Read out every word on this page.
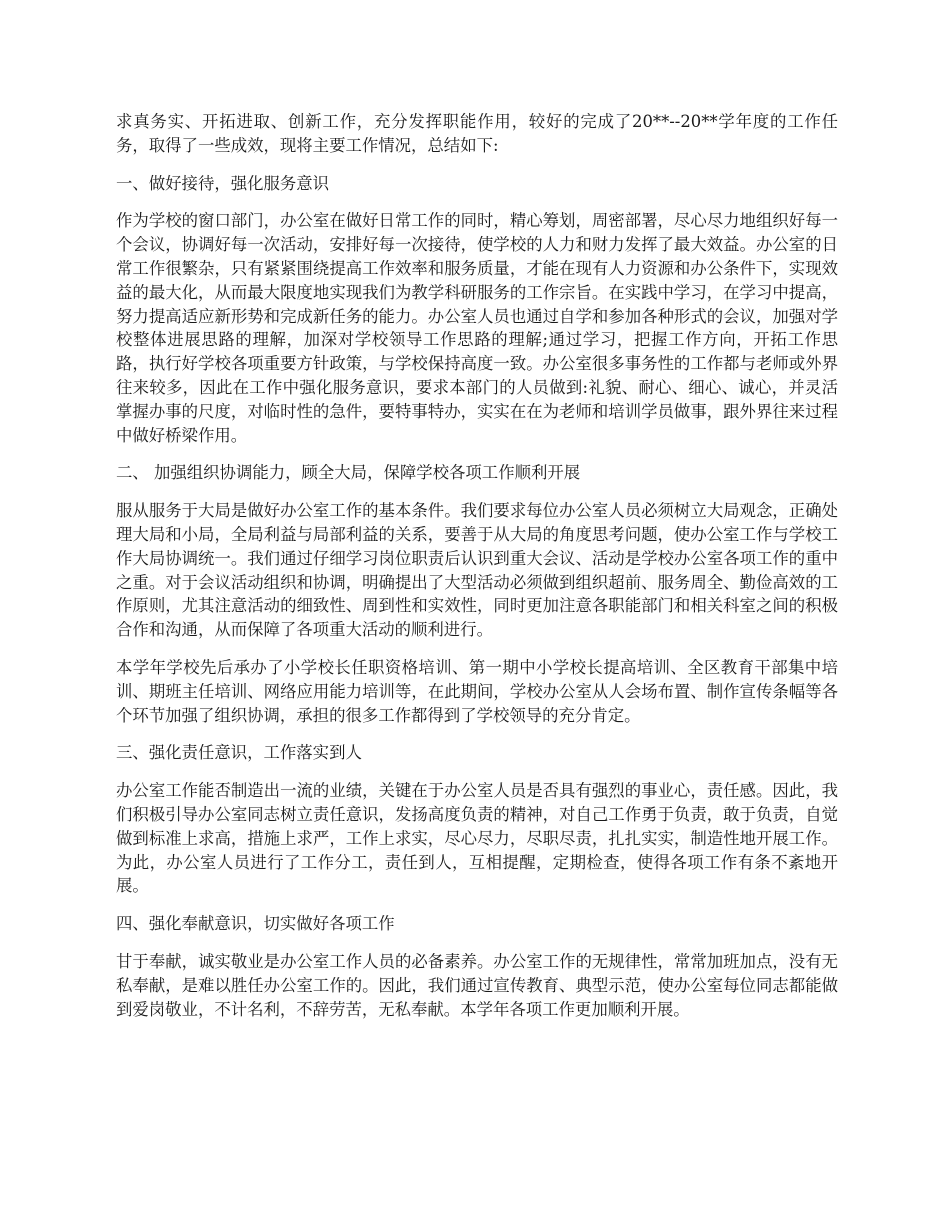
求真务实、开拓进取、创新工作，充分发挥职能作用，较好的完成了20**--20**学年度的工作任务，取得了一些成效，现将主要工作情况，总结如下:

一、做好接待，强化服务意识

作为学校的窗口部门，办公室在做好日常工作的同时，精心筹划，周密部署，尽心尽力地组织好每一个会议，协调好每一次活动，安排好每一次接待，使学校的人力和财力发挥了最大效益。办公室的日常工作很繁杂，只有紧紧围绕提高工作效率和服务质量，才能在现有人力资源和办公条件下，实现效益的最大化，从而最大限度地实现我们为教学科研服务的工作宗旨。在实践中学习，在学习中提高，努力提高适应新形势和完成新任务的能力。办公室人员也通过自学和参加各种形式的会议，加强对学校整体进展思路的理解，加深对学校领导工作思路的理解;通过学习，把握工作方向，开拓工作思路，执行好学校各项重要方针政策，与学校保持高度一致。办公室很多事务性的工作都与老师或外界往来较多，因此在工作中强化服务意识，要求本部门的人员做到:礼貌、耐心、细心、诚心，并灵活掌握办事的尺度，对临时性的急件，要特事特办，实实在在为老师和培训学员做事，跟外界往来过程中做好桥梁作用。

二、 加强组织协调能力，顾全大局，保障学校各项工作顺利开展

服从服务于大局是做好办公室工作的基本条件。我们要求每位办公室人员必须树立大局观念，正确处理大局和小局，全局利益与局部利益的关系，要善于从大局的角度思考问题，使办公室工作与学校工作大局协调统一。我们通过仔细学习岗位职责后认识到重大会议、活动是学校办公室各项工作的重中之重。对于会议活动组织和协调，明确提出了大型活动必须做到组织超前、服务周全、勤俭高效的工作原则，尤其注意活动的细致性、周到性和实效性，同时更加注意各职能部门和相关科室之间的积极合作和沟通，从而保障了各项重大活动的顺利进行。

本学年学校先后承办了小学校长任职资格培训、第一期中小学校长提高培训、全区教育干部集中培训、期班主任培训、网络应用能力培训等，在此期间，学校办公室从人会场布置、制作宣传条幅等各个环节加强了组织协调，承担的很多工作都得到了学校领导的充分肯定。

三、强化责任意识，工作落实到人

办公室工作能否制造出一流的业绩，关键在于办公室人员是否具有强烈的事业心，责任感。因此，我们积极引导办公室同志树立责任意识，发扬高度负责的精神，对自己工作勇于负责，敢于负责，自觉做到标准上求高，措施上求严，工作上求实，尽心尽力，尽职尽责，扎扎实实，制造性地开展工作。为此，办公室人员进行了工作分工，责任到人，互相提醒，定期检查，使得各项工作有条不紊地开展。

四、强化奉献意识，切实做好各项工作

甘于奉献，诚实敬业是办公室工作人员的必备素养。办公室工作的无规律性，常常加班加点，没有无私奉献，是难以胜任办公室工作的。因此，我们通过宣传教育、典型示范，使办公室每位同志都能做到爱岗敬业，不计名利，不辞劳苦，无私奉献。本学年各项工作更加顺利开展。
